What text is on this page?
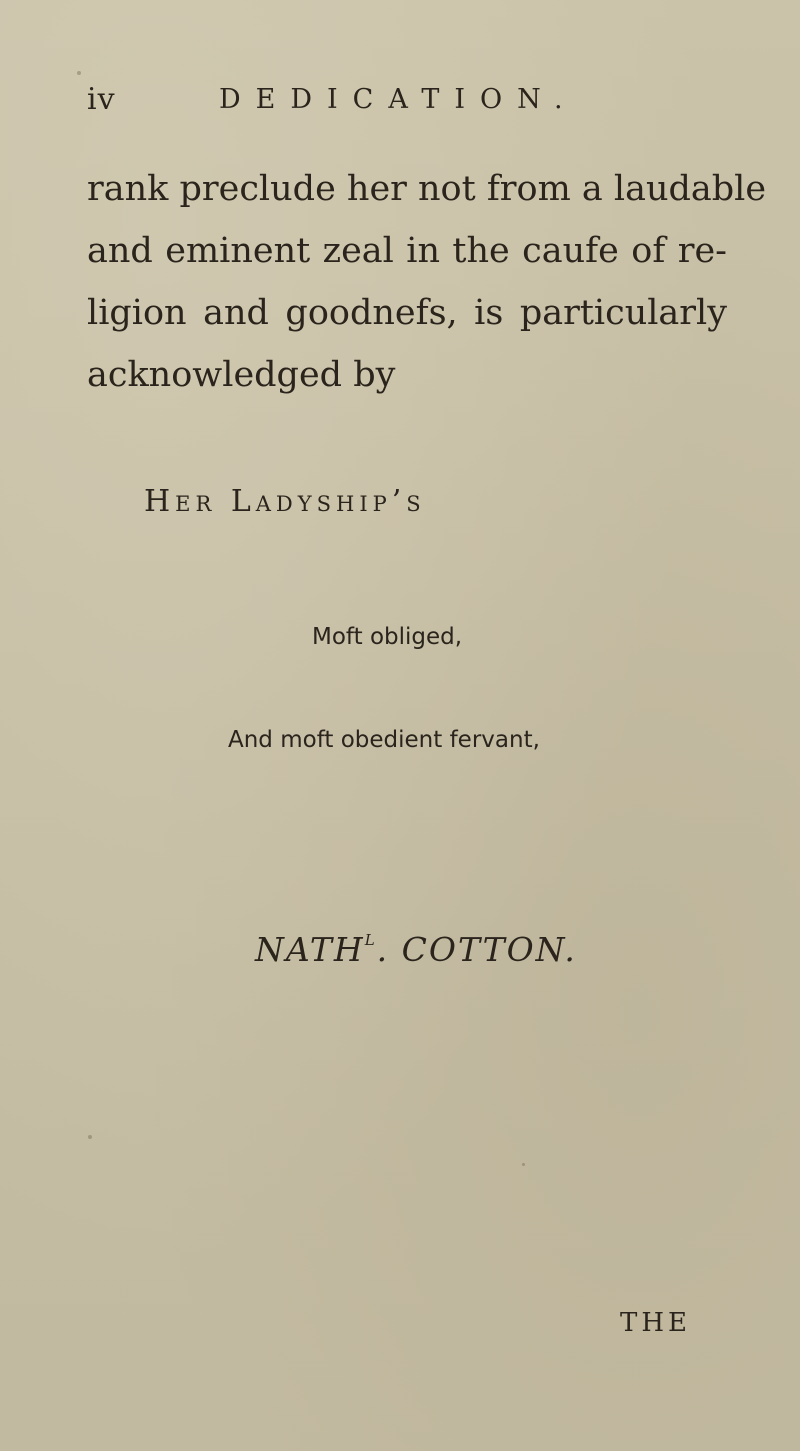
iv	DEDICATION.
rank preclude her not from a laudable
and eminent zeal in the caufe of re-
ligion and goodnefs, is particularly
acknowledged by
Her Ladyship’s
Moft obliged,
And moft obedient fervant,
$NATH^L$. COTTON.
THE
